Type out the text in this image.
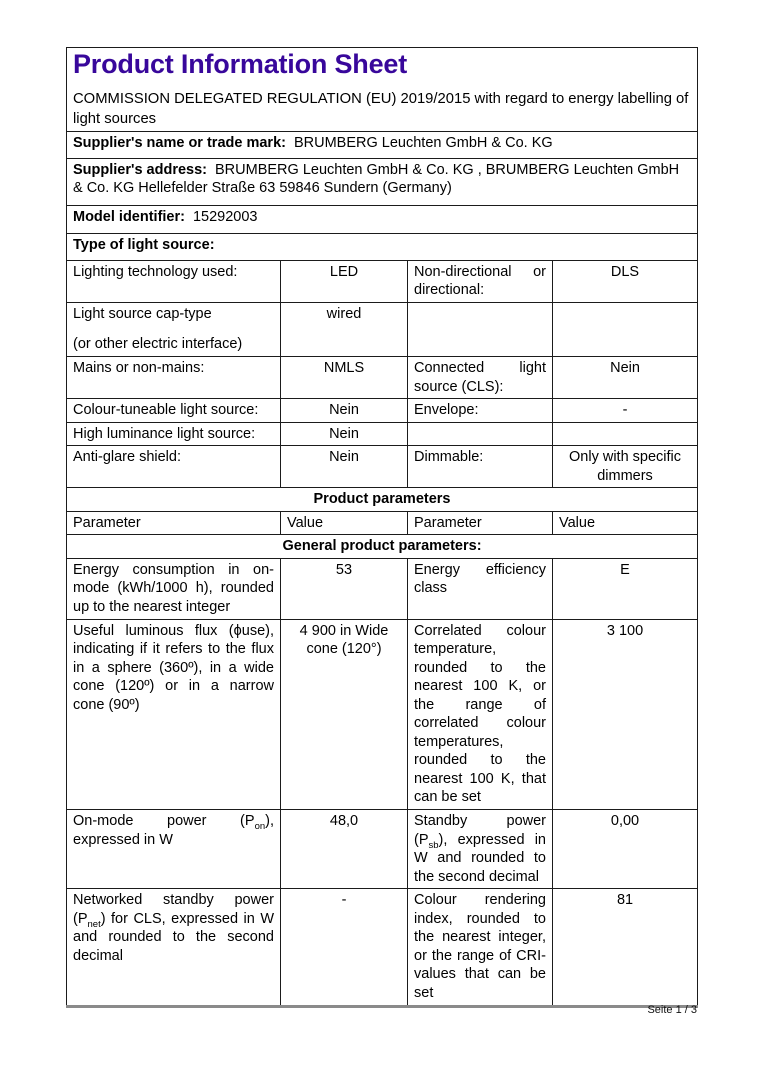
Product Information Sheet

COMMISSION DELEGATED REGULATION (EU) 2019/2015 with regard to energy labelling of light sources

Supplier's name or trade mark: BRUMBERG Leuchten GmbH & Co. KG			
Supplier's address: BRUMBERG Leuchten GmbH & Co. KG , BRUMBERG Leuchten GmbH & Co. KG Hellefelder Straße 63 59846 Sundern (Germany)			
Model identifier: 15292003			
Type of light source:			
Lighting technology used:	LED	Non-directional or directional:	DLS

Light source cap-type
(or other electric interface)	wired		
Mains or non-mains:	NMLS	Connected light source (CLS):	Nein
Colour-tuneable light source:	Nein	Envelope:	-
High luminance light source:	Nein		
Anti-glare shield:	Nein	Dimmable:	Only with specific dimmers
Product parameters			
Parameter	Value	Parameter	Value
General product parameters:			
Energy consumption in on-mode (kWh/1000 h), rounded up to the nearest integer	53	Energy efficiency class	E
Useful luminous flux (ϕuse), indicating if it refers to the flux in a sphere (360º), in a wide cone (120º) or in a narrow cone (90º)	4 900 in Wide cone (120°)	Correlated colour temperature, rounded to the nearest 100 K, or the range of correlated colour temperatures, rounded to the nearest 100 K, that can be set	3 100
On-mode power $(P_{on})$, expressed in W	48,0	Standby power $(P_{sb})$, expressed in W and rounded to the second decimal	0,00
Networked standby power $(P_{net})$ for CLS, expressed in W and rounded to the second decimal	-	Colour rendering index, rounded to the nearest integer, or the range of CRI-values that can be set	81
Seite 1 / 3
